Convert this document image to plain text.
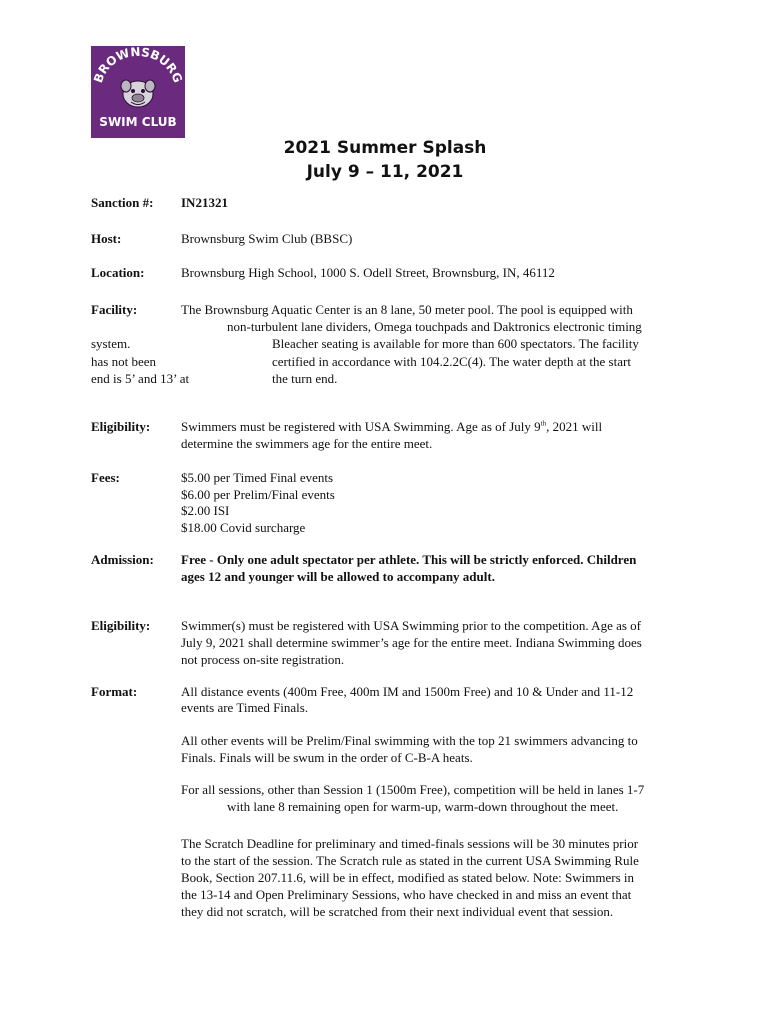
BROWNSBURG
SWIM CLUB
2021 Summer Splash
July 9 – 11, 2021
Sanction #: IN21321
Host:	Brownsburg Swim Club (BBSC)
Location:	Brownsburg High School, 1000 S. Odell Street, Brownsburg, IN, 46112
Facility:	The Brownsburg Aquatic Center is an 8 lane, 50 meter pool. The pool is equipped with
non-turbulent lane dividers, Omega touchpads and Daktronics electronic timing
system.	Bleacher seating is available for more than 600 spectators. The facility
has not been	certified in accordance with 104.2.2C(4). The water depth at the start
end is 5’ and 13’ at	the turn end.
Eligibility: Swimmers must be registered with USA Swimming. Age as of July 9th, 2021 will
determine the swimmers age for the entire meet.
Fees:	$5.00 per Timed Final events
$6.00 per Prelim/Final events
$2.00 ISI
$18.00 Covid surcharge
Admission: Free - Only one adult spectator per athlete. This will be strictly enforced. Children
ages 12 and younger will be allowed to accompany adult.
Eligibility: Swimmer(s) must be registered with USA Swimming prior to the competition. Age as of
July 9, 2021 shall determine swimmer’s age for the entire meet. Indiana Swimming does
not process on-site registration.
Format:	All distance events (400m Free, 400m IM and 1500m Free) and 10 & Under and 11-12
events are Timed Finals.
All other events will be Prelim/Final swimming with the top 21 swimmers advancing to
Finals. Finals will be swum in the order of C-B-A heats.
For all sessions, other than Session 1 (1500m Free), competition will be held in lanes 1-7
with lane 8 remaining open for warm-up, warm-down throughout the meet.
The Scratch Deadline for preliminary and timed-finals sessions will be 30 minutes prior
to the start of the session. The Scratch rule as stated in the current USA Swimming Rule
Book, Section 207.11.6, will be in effect, modified as stated below. Note: Swimmers in
the 13-14 and Open Preliminary Sessions, who have checked in and miss an event that
they did not scratch, will be scratched from their next individual event that session.
